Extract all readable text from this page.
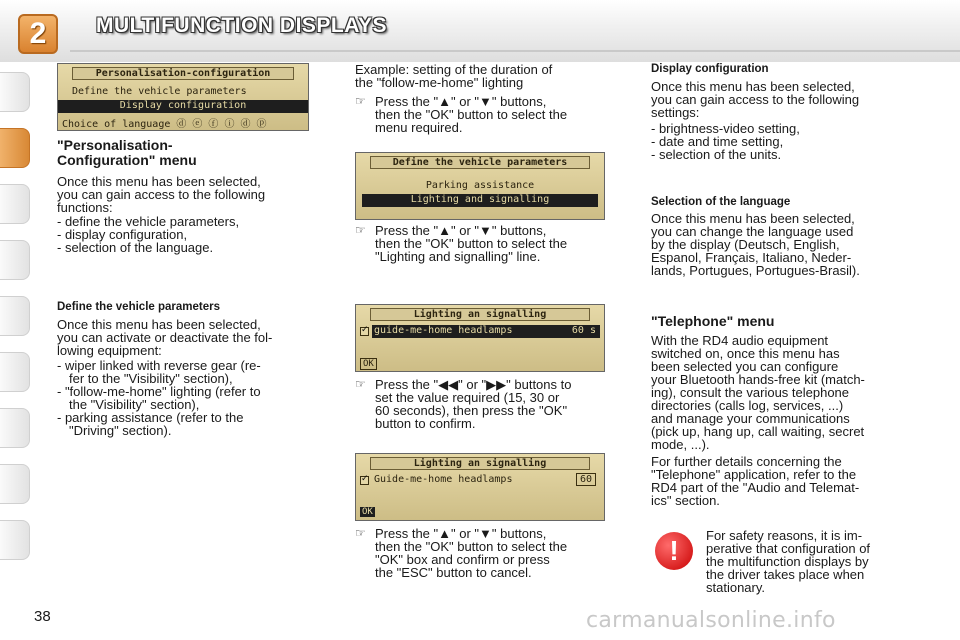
2	MULTIFUNCTION DISPLAYS
Personalisation-configuration
Define the vehicle parameters
Display configuration
Choice of language ⓓ ⓔ ⓕ ⓘ ⓓ ⓟ
"Personalisation-
Configuration" menu
Once this menu has been selected,
you can gain access to the following
functions:
- define the vehicle parameters,
- display configuration,
- selection of the language.
Define the vehicle parameters
Once this menu has been selected,
you can activate or deactivate the fol-
lowing equipment:
- wiper linked with reverse gear (re-
fer to the "Visibility" section),
- "follow-me-home" lighting (refer to
the "Visibility" section),
- parking assistance (refer to the
"Driving" section).
Example: setting of the duration of
the "follow-me-home" lighting
☞ Press the "▲" or "▼" buttons,
then the "OK" button to select the
menu required.
Define the vehicle parameters
Parking assistance
Lighting and signalling
☞ Press the "▲" or "▼" buttons,
then the "OK" button to select the
"Lighting and signalling" line.
Lighting an signalling
✓
guide-me-home headlamps	60 s
OK
☞ Press the "◀◀" or "▶▶" buttons to
set the value required (15, 30 or
60 seconds), then press the "OK"
button to confirm.
Lighting an signalling
✓
Guide-me-home headlamps	60
OK
☞ Press the "▲" or "▼" buttons,
then the "OK" button to select the
"OK" box and confirm or press
the "ESC" button to cancel.
Display configuration
Once this menu has been selected,
you can gain access to the following
settings:
- brightness-video setting,
- date and time setting,
- selection of the units.
Selection of the language
Once this menu has been selected,
you can change the language used
by the display (Deutsch, English,
Espanol, Français, Italiano, Neder-
lands, Portugues, Portugues-Brasil).
"Telephone" menu
With the RD4 audio equipment
switched on, once this menu has
been selected you can configure
your Bluetooth hands-free kit (match-
ing), consult the various telephone
directories (calls log, services, ...)
and manage your communications
(pick up, hang up, call waiting, secret
mode, ...).
For further details concerning the
"Telephone" application, refer to the
RD4 part of the "Audio and Telemat-
ics" section.
!	For safety reasons, it is im-
perative that configuration of
the multifunction displays by
the driver takes place when
stationary.
38	carmanualsonline.info
